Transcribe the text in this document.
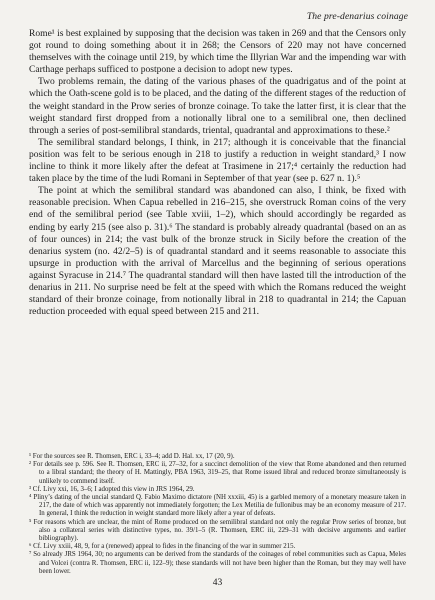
The pre-denarius coinage

Rome¹ is best explained by supposing that the decision was taken in 269 and that the Censors only got round to doing something about it in 268; the Censors of 220 may not have concerned themselves with the coinage until 219, by which time the Illyrian War and the impending war with Carthage perhaps sufficed to postpone a decision to adopt new types.

Two problems remain, the dating of the various phases of the quadrigatus and of the point at which the Oath-scene gold is to be placed, and the dating of the different stages of the reduction of the weight standard in the Prow series of bronze coinage. To take the latter first, it is clear that the weight standard first dropped from a notionally libral one to a semilibral one, then declined through a series of post-semilibral standards, triental, quadrantal and approximations to these.²

The semilibral standard belongs, I think, in 217; although it is conceivable that the financial position was felt to be serious enough in 218 to justify a reduction in weight standard,³ I now incline to think it more likely after the defeat at Trasimene in 217;⁴ certainly the reduction had taken place by the time of the ludi Romani in September of that year (see p. 627 n. 1).⁵

The point at which the semilibral standard was abandoned can also, I think, be fixed with reasonable precision. When Capua rebelled in 216–215, she overstruck Roman coins of the very end of the semilibral period (see Table xviii, 1–2), which should accordingly be regarded as ending by early 215 (see also p. 31).⁶ The standard is probably already quadrantal (based on an as of four ounces) in 214; the vast bulk of the bronze struck in Sicily before the creation of the denarius system (no. 42/2–5) is of quadrantal standard and it seems reasonable to associate this upsurge in production with the arrival of Marcellus and the beginning of serious operations against Syracuse in 214.⁷ The quadrantal standard will then have lasted till the introduction of the denarius in 211. No surprise need be felt at the speed with which the Romans reduced the weight standard of their bronze coinage, from notionally libral in 218 to quadrantal in 214; the Capuan reduction proceeded with equal speed between 215 and 211.

¹ For the sources see R. Thomsen, ERC i, 33–4; add D. Hal. xx, 17 (20, 9).
² For details see p. 596. See R. Thomsen, ERC ii, 27–32, for a succinct demolition of the view that Rome abandoned and then returned to a libral standard; the theory of H. Mattingly, PBA 1963, 319–25, that Rome issued libral and reduced bronze simultaneously is unlikely to commend itself.
³ Cf. Livy xxi, 16, 3–6; I adopted this view in JRS 1964, 29.
⁴ Pliny’s dating of the uncial standard Q. Fabio Maximo dictatore (NH xxxiii, 45) is a garbled memory of a monetary measure taken in 217, the date of which was apparently not immediately forgotten; the Lex Metilia de fullonibus may be an economy measure of 217. In general, I think the reduction in weight standard more likely after a year of defeats.
⁵ For reasons which are unclear, the mint of Rome produced on the semilibral standard not only the regular Prow series of bronze, but also a collateral series with distinctive types, no. 39/1–5 (R. Thomsen, ERC iii, 229–31 with decisive arguments and earlier bibliography).
⁶ Cf. Livy xxiii, 48, 9, for a (renewed) appeal to fides in the financing of the war in summer 215.
⁷ So already JRS 1964, 30; no arguments can be derived from the standards of the coinages of rebel communities such as Capua, Meles and Volcei (contra R. Thomsen, ERC ii, 122–9); these standards will not have been higher than the Roman, but they may well have been lower.
43
